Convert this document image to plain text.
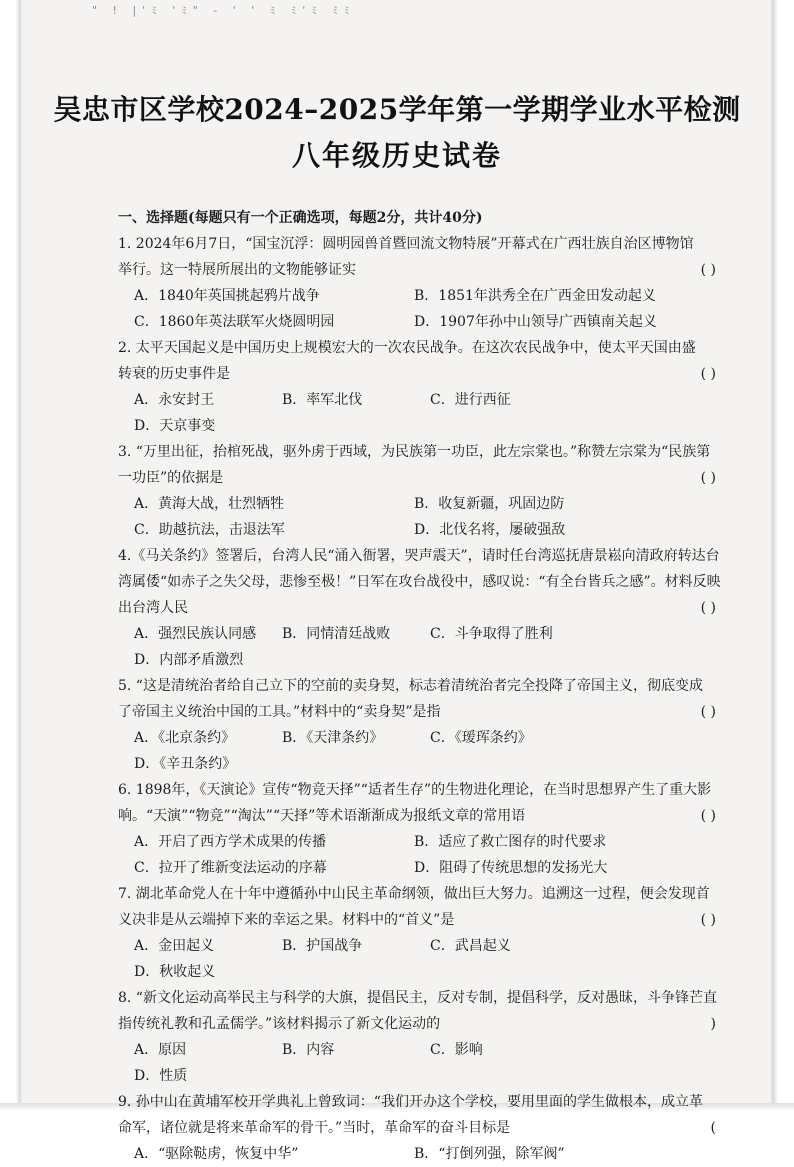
" ! |'ﾐ 'ﾐ" - ' ' ﾐ ﾐ'ﾐ ﾐﾐ
吴忠市区学校2024–2025学年第一学期学业水平检测
八年级历史试卷
一、选择题(每题只有一个正确选项，每题2分，共计40分)
1. 2024年6月7日，“国宝沉浮：圆明园兽首暨回流文物特展”开幕式在广西壮族自治区博物馆
举行。这一特展所展出的文物能够证实	( )
A．1840年英国挑起鸦片战争	B．1851年洪秀全在广西金田发动起义
C．1860年英法联军火烧圆明园	D．1907年孙中山领导广西镇南关起义
2. 太平天国起义是中国历史上规模宏大的一次农民战争。在这次农民战争中，使太平天国由盛
转衰的历史事件是	( )
A．永安封王	B．率军北伐	C．进行西征
D．天京事变
3. “万里出征，抬棺死战，驱外虏于西域，为民族第一功臣，此左宗棠也。”称赞左宗棠为“民族第
一功臣”的依据是	( )
A．黄海大战，壮烈牺牲	B．收复新疆，巩固边防
C．助越抗法，击退法军	D．北伐名将，屡破强敌
4.《马关条约》签署后，台湾人民“涌入衙署，哭声震天”，请时任台湾巡抚唐景崧向清政府转达台
湾属倭“如赤子之失父母，悲惨至极！”日军在攻台战役中，感叹说：“有全台皆兵之感”。材料反映
出台湾人民	( )
A．强烈民族认同感	B．同情清廷战败	C．斗争取得了胜利
D．内部矛盾激烈
5. “这是清统治者给自己立下的空前的卖身契，标志着清统治者完全投降了帝国主义，彻底变成
了帝国主义统治中国的工具。”材料中的“卖身契”是指	( )
A．《北京条约》	B．《天津条约》	C．《瑷珲条约》
D．《辛丑条约》
6. 1898年，《天演论》宣传“物竞天择”“适者生存”的生物进化理论，在当时思想界产生了重大影
响。“天演”“物竞”“淘汰”“天择”等术语渐渐成为报纸文章的常用语	( )
A．开启了西方学术成果的传播	B．适应了救亡图存的时代要求
C．拉开了维新变法运动的序幕	D．阻碍了传统思想的发扬光大
7. 湖北革命党人在十年中遵循孙中山民主革命纲领，做出巨大努力。追溯这一过程，便会发现首
义决非是从云端掉下来的幸运之果。材料中的“首义”是	( )
A．金田起义	B．护国战争	C．武昌起义
D．秋收起义
8. “新文化运动高举民主与科学的大旗，提倡民主，反对专制，提倡科学，反对愚昧，斗争锋芒直
指传统礼教和孔孟儒学。”该材料揭示了新文化运动的	)
A．原因	B．内容	C．影响
D．性质
9. 孙中山在黄埔军校开学典礼上曾致词：“我们开办这个学校，要用里面的学生做根本，成立革
命军，诸位就是将来革命军的骨干。”当时，革命军的奋斗目标是	(
A．“驱除鞑虏，恢复中华”	B．“打倒列强，除军阀”
